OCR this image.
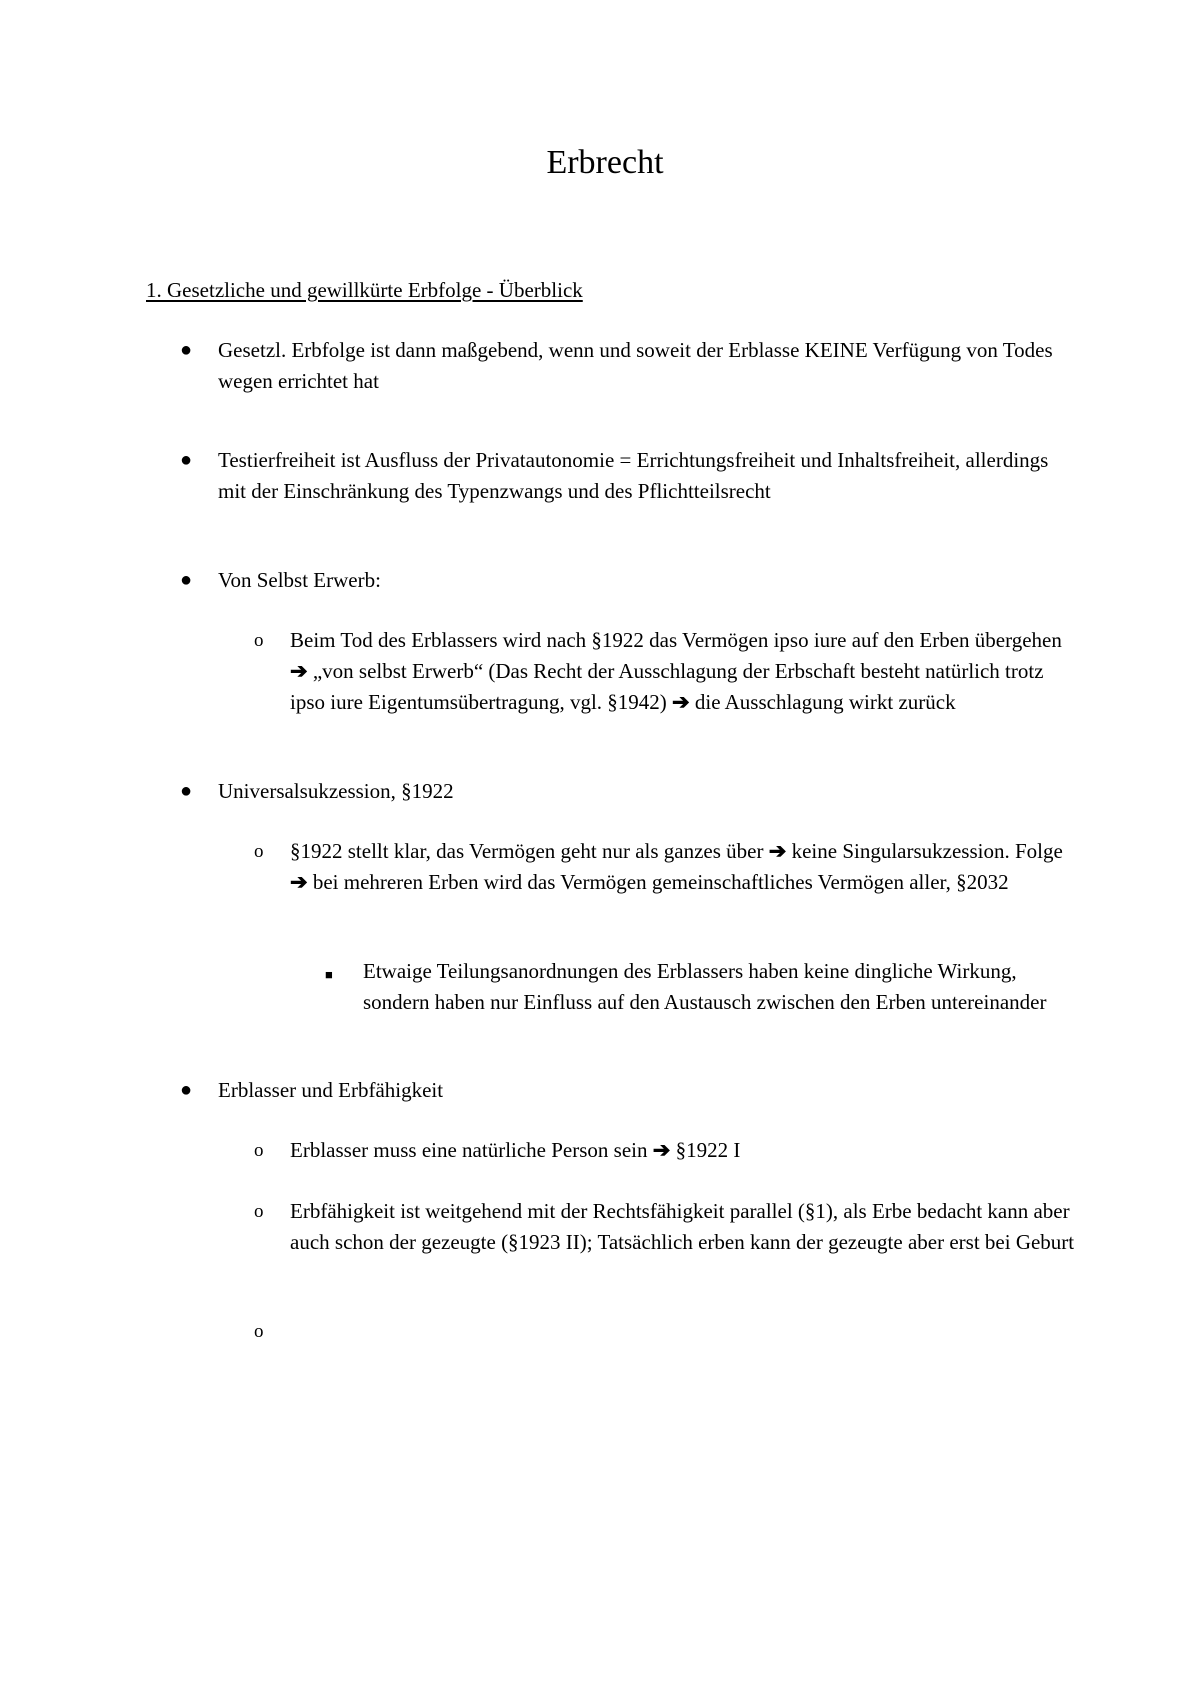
Erbrecht
1. Gesetzliche und gewillkürte Erbfolge - Überblick
● Gesetzl. Erbfolge ist dann maßgebend, wenn und soweit der Erblasse KEINE Verfügung von Todes wegen errichtet hat
● Testierfreiheit ist Ausfluss der Privatautonomie = Errichtungsfreiheit und Inhaltsfreiheit, allerdings mit der Einschränkung des Typenzwangs und des Pflichtteilsrecht
● Von Selbst Erwerb:
o Beim Tod des Erblassers wird nach §1922 das Vermögen ipso iure auf den Erben übergehen ➔ „von selbst Erwerb“ (Das Recht der Ausschlagung der Erbschaft besteht natürlich trotz ipso iure Eigentumsübertragung, vgl. §1942) ➔ die Ausschlagung wirkt zurück
● Universalsukzession, §1922
o §1922 stellt klar, das Vermögen geht nur als ganzes über ➔ keine Singularsukzession. Folge ➔ bei mehreren Erben wird das Vermögen gemeinschaftliches Vermögen aller, §2032
■ Etwaige Teilungsanordnungen des Erblassers haben keine dingliche Wirkung, sondern haben nur Einfluss auf den Austausch zwischen den Erben untereinander
● Erblasser und Erbfähigkeit
o Erblasser muss eine natürliche Person sein ➔ §1922 I
o Erbfähigkeit ist weitgehend mit der Rechtsfähigkeit parallel (§1), als Erbe bedacht kann aber auch schon der gezeugte (§1923 II); Tatsächlich erben kann der gezeugte aber erst bei Geburt
o
